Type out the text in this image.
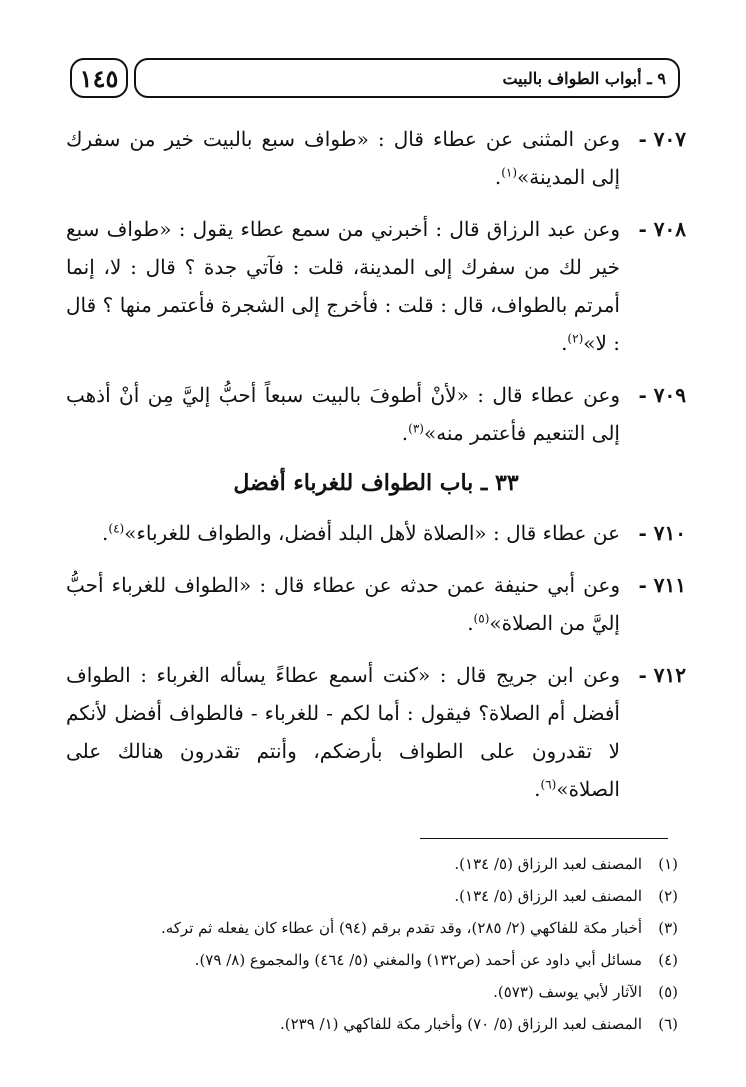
٩ ـ أبواب الطواف بالبيت
١٤٥
٧٠٧ -
وعن المثنى عن عطاء قال : «طواف سبع بالبيت خير من سفرك إلى المدينة»$^{(١)}$.
٧٠٨ -
وعن عبد الرزاق قال : أخبرني من سمع عطاء يقول : «طواف سبع خير لك من سفرك إلى المدينة، قلت : فآتي جدة ؟ قال : لا، إنما أمرتم بالطواف، قال : قلت : فأخرج إلى الشجرة فأعتمر منها ؟ قال : لا»$^{(٢)}$.
٧٠٩ -
وعن عطاء قال : «لأنْ أطوفَ بالبيت سبعاً أحبُّ إليَّ مِن أنْ أذهب إلى التنعيم فأعتمر منه»$^{(٣)}$.
٣٣ ـ باب الطواف للغرباء أفضل
٧١٠ -
عن عطاء قال : «الصلاة لأهل البلد أفضل، والطواف للغرباء»$^{(٤)}$.
٧١١ -
وعن أبي حنيفة عمن حدثه عن عطاء قال : «الطواف للغرباء أحبُّ إليَّ من الصلاة»$^{(٥)}$.
٧١٢ -
وعن ابن جريج قال : «كنت أسمع عطاءً يسأله الغرباء : الطواف أفضل أم الصلاة؟ فيقول : أما لكم - للغرباء - فالطواف أفضل لأنكم لا تقدرون على الطواف بأرضكم، وأنتم تقدرون هنالك على الصلاة»$^{(٦)}$.
(١)
المصنف لعبد الرزاق (٥/ ١٣٤).
(٢)
المصنف لعبد الرزاق (٥/ ١٣٤).
(٣)
أخبار مكة للفاكهي (٢/ ٢٨٥)، وقد تقدم برقم (٩٤) أن عطاء كان يفعله ثم تركه.
(٤)
مسائل أبي داود عن أحمد (ص١٣٢) والمغني (٥/ ٤٦٤) والمجموع (٨/ ٧٩).
(٥)
الآثار لأبي يوسف (٥٧٣).
(٦)
المصنف لعبد الرزاق (٥/ ٧٠) وأخبار مكة للفاكهي (١/ ٢٣٩).
